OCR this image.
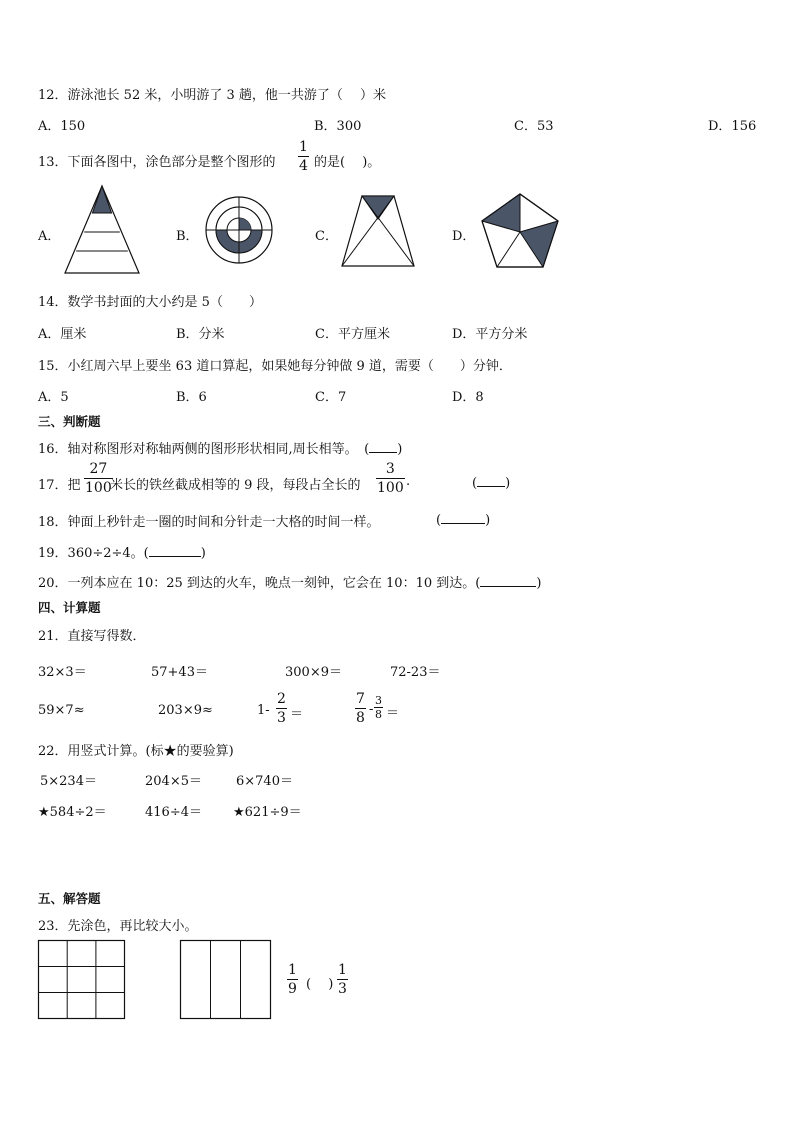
12．游泳池长 52 米，小明游了 3 趟，他一共游了（　 ）米
A．150	B．300	C．53	D．156
13．下面各图中，涂色部分是整个图形的
1
4 的是(　 )。
A．	B．	C．	D．
14．数学书封面的大小约是 5（　　）
A．厘米	B．分米	C．平方厘米	D．平方分米
15．小红周六早上要坐 63 道口算起，如果她每分钟做 9 道，需要（　　）分钟．
A．5	B．6	C．7	D．8
三、判断题
16．轴对称图形对称轴两侧的图形形状相同,周长相等。　( )
17．把
27
100
米长的铁丝截成相等的 9 段，每段占全长的
3
100 .	( )
18．钟面上秒针走一圈的时间和分针走一大格的时间一样。	(	)
19．360÷2÷4。(	)
20．一列本应在 10：25 到达的火车，晚点一刻钟，它会在 10：10 到达。(	)
四、计算题
21．直接写得数．
32×3＝	57+43＝	300×9＝	72-23＝
59×7≈	203×9≈	1-
2
3 ＝
7
8
-
3
8 ＝
22．用竖式计算。(标★的要验算)
5×234＝	204×5＝	6×740＝
★584÷2＝	416÷4＝ ★621÷9＝
五、解答题
23．先涂色，再比较大小。
1
9 (　 )
1
3
